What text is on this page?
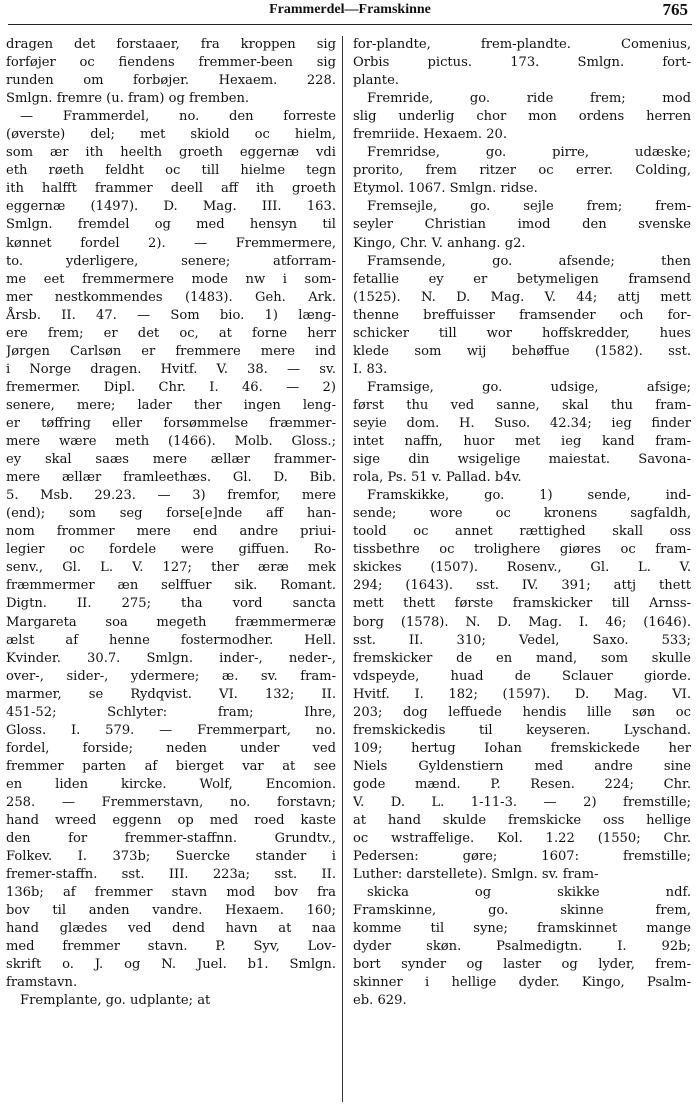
Frammerdel—Framskinne	765
dragen det forstaaer, fra kroppen sig
forføjer oc fiendens fremmer-been sig
runden om forbøjer. Hexaem. 228.
Smlgn. fremre (u. fram) og fremben.
— Frammerdel, no. den forreste
(øverste) del; met skiold oc hielm,
som ær ith heelth groeth eggernæ vdi
eth røeth feldht oc till hielme tegn
ith halfft frammer deell aff ith groeth
eggernæ (1497). D. Mag. III. 163.
Smlgn. fremdel og med hensyn til
kønnet fordel 2). — Fremmermere,
to. yderligere, senere; atforram-
me eet fremmermere mode nw i som-
mer nestkommendes (1483). Geh. Ark.
Årsb. II. 47. — Som bio. 1) læng-
ere frem; er det oc, at forne herr
Jørgen Carlsøn er fremmere mere ind
i Norge dragen. Hvitf. V. 38. — sv.
fremermer. Dipl. Chr. I. 46. — 2)
senere, mere; lader ther ingen leng-
er tøffring eller forsømmelse fræmmer-
mere wære meth (1466). Molb. Gloss.;
ey skal saæs mere ællær frammer-
mere ællær framleethæs. Gl. D. Bib.
5. Msb. 29.23. — 3) fremfor, mere
(end); som seg forse[e]nde aff han-
nom frommer mere end andre priui-
legier oc fordele were giffuen. Ro-
senv., Gl. L. V. 127; ther æræ mek
fræmmermer æn selffuer sik. Romant.
Digtn. II. 275; tha vord sancta
Margareta soa megeth fræmmermeræ
ælst af henne fostermodher. Hell.
Kvinder. 30.7. Smlgn. inder-, neder-,
over-, sider-, ydermere; æ. sv. fram-
marmer, se Rydqvist. VI. 132; II.
451-52; Schlyter: fram; Ihre,
Gloss. I. 579. — Fremmerpart, no.
fordel, forside; neden under ved
fremmer parten af bierget var at see
en liden kircke. Wolf, Encomion.
258. — Fremmerstavn, no. forstavn;
hand wreed eggenn op med roed kaste
den for fremmer-staffnn. Grundtv.,
Folkev. I. 373b; Suercke stander i
fremer-staffn. sst. III. 223a; sst. II.
136b; af fremmer stavn mod bov fra
bov til anden vandre. Hexaem. 160;
hand glædes ved dend havn at naa
med fremmer stavn. P. Syv, Lov-
skrift o. J. og N. Juel. b1. Smlgn.
framstavn.
Fremplante, go. udplante; at
for-plandte, frem-plandte. Comenius,
Orbis pictus. 173. Smlgn. fort-
plante.
Fremride, go. ride frem; mod
slig underlig chor mon ordens herren
fremriide. Hexaem. 20.
Fremridse, go. pirre, udæske;
prorito, frem ritzer oc errer. Colding,
Etymol. 1067. Smlgn. ridse.
Fremsejle, go. sejle frem; frem-
seyler Christian imod den svenske
Kingo, Chr. V. anhang. g2.
Framsende, go. afsende; then
fetallie ey er betymeligen framsend
(1525). N. D. Mag. V. 44; attj mett
thenne breffuisser framsender och for-
schicker till wor hoffskredder, hues
klede som wij behøffue (1582). sst.
I. 83.
Framsige, go. udsige, afsige;
først thu ved sanne, skal thu fram-
seyie dom. H. Suso. 42.34; ieg finder
intet naffn, huor met ieg kand fram-
sige din wsigelige maiestat. Savona-
rola, Ps. 51 v. Pallad. b4v.
Framskikke, go. 1) sende, ind-
sende; wore oc kronens sagfaldh,
toold oc annet rættighed skall oss
tissbethre oc trolighere giøres oc fram-
skickes (1507). Rosenv., Gl. L. V.
294; (1643). sst. IV. 391; attj thett
mett thett første framskicker till Arnss-
borg (1578). N. D. Mag. I. 46; (1646).
sst. II. 310; Vedel, Saxo. 533;
fremskicker de en mand, som skulle
vdspeyde, huad de Sclauer giorde.
Hvitf. I. 182; (1597). D. Mag. VI.
203; dog leffuede hendis lille søn oc
fremskickedis til keyseren. Lyschand.
109; hertug Iohan fremskickede her
Niels Gyldenstiern med andre sine
gode mænd. P. Resen. 224; Chr.
V. D. L. 1-11-3. — 2) fremstille;
at hand skulde fremskicke oss hellige
oc wstraffelige. Kol. 1.22 (1550; Chr.
Pedersen: gøre; 1607: fremstille;
Luther: darstellete). Smlgn. sv. fram-
skicka og skikke ndf.
Framskinne, go. skinne frem,
komme til syne; framskinnet mange
dyder skøn. Psalmedigtn. I. 92b;
bort synder og laster og lyder, frem-
skinner i hellige dyder. Kingo, Psalm-
eb. 629.
